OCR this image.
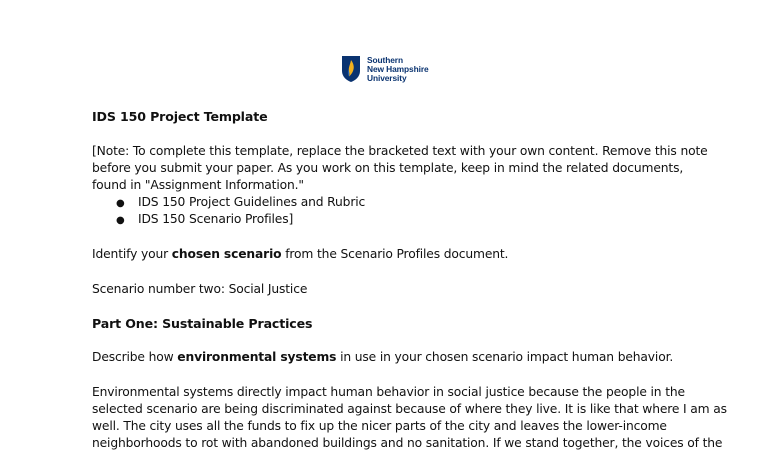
Southern
New Hampshire
University
IDS 150 Project Template
[Note: To complete this template, replace the bracketed text with your own content. Remove this note
before you submit your paper. As you work on this template, keep in mind the related documents,
found in "Assignment Information."
● IDS 150 Project Guidelines and Rubric
● IDS 150 Scenario Profiles]
Identify your chosen scenario from the Scenario Profiles document.
Scenario number two: Social Justice
Part One: Sustainable Practices
Describe how environmental systems in use in your chosen scenario impact human behavior.
Environmental systems directly impact human behavior in social justice because the people in the
selected scenario are being discriminated against because of where they live. It is like that where I am as
well. The city uses all the funds to fix up the nicer parts of the city and leaves the lower-income
neighborhoods to rot with abandoned buildings and no sanitation. If we stand together, the voices of the
